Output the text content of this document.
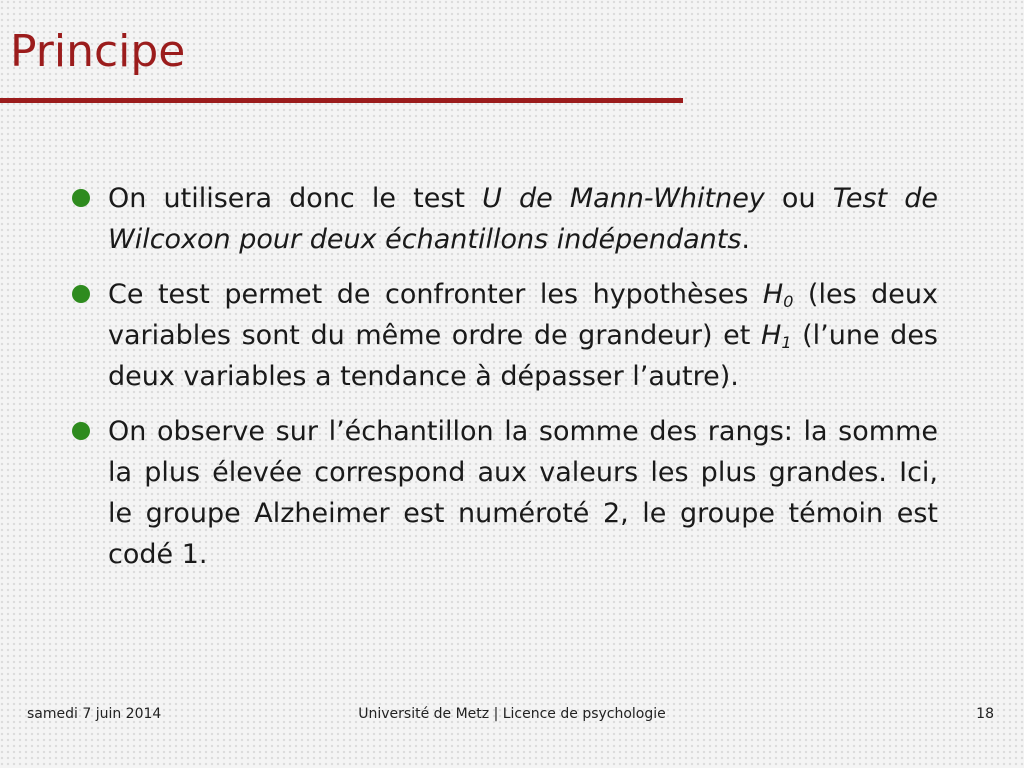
Principe
On utilisera donc le test U de Mann-Whitney ou Test de Wilcoxon pour deux échantillons indépendants.
Ce test permet de confronter les hypothèses $H_0$ (les deux variables sont du même ordre de grandeur) et $H_1$ (l’une des deux variables a tendance à dépasser l’autre).
On observe sur l’échantillon la somme des rangs: la somme la plus élevée correspond aux valeurs les plus grandes. Ici, le groupe Alzheimer est numéroté 2, le groupe témoin est codé 1.
samedi 7 juin 2014	Université de Metz | Licence de psychologie	18
